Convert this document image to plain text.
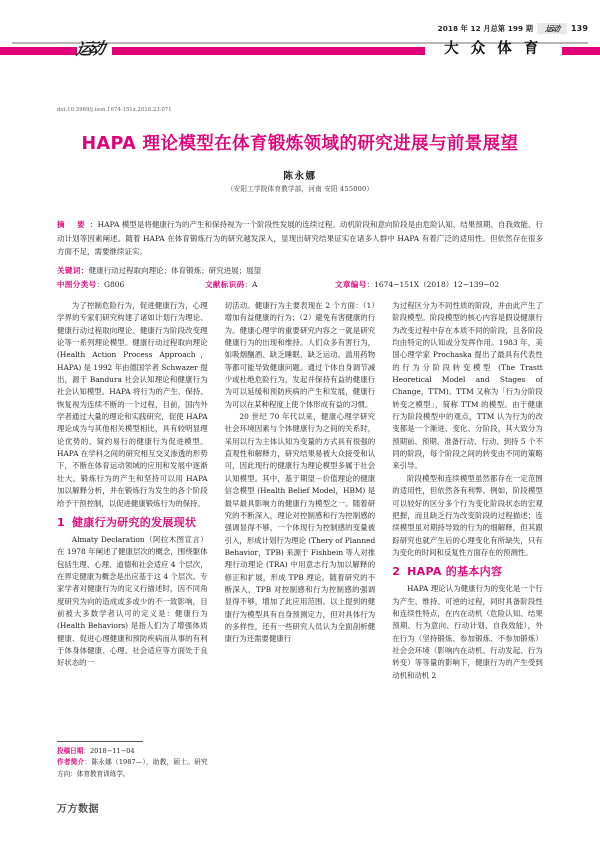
2018 年 12 月总第 199 期 运动	139
运动	大 众 体 育
doi:10.3969/j.issn.1674-151x.2018.23.071
HAPA 理论模型在体育锻炼领域的研究进展与前景展望
陈永娜
（安阳工学院体育教学部，河南 安阳 455000）
摘 要：HAPA 模型是将健康行为的产生和保持视为一个阶段性发展的连续过程。动机阶段和意向阶段是由危险认知、结果预期、自我效能、行动计划等因素阐述。随着 HAPA 在体育锻炼行为的研究越发深入，显现出研究结果证实在诸多人群中 HAPA 有着广泛的适用性。但依然存在很多方面不足，需要继续证实。
关键词：健康行动过程取向理论；体育锻炼；研究进展；展望
中图分类号：G806	文献标识码：A	文章编号：1674−151X（2018）12−139−02

为了控制危险行为，促进健康行为，心理学界的专家们研究构建了诸如计划行为理论、健康行动过程取向理论、健康行为阶段改变理论等一系列理论模型。健康行动过程取向理论 (Health Action Process Approach，HAPA) 是 1992 年由德国学者 Schwazer 提出，源于 Bandura 社会认知理论和健康行为社会认知模型。HAPA 将行为的产生、保持、恢复视为连续不断的一个过程，目前，国内外学者通过大量的理论和实践研究，促使 HAPA 理论成为与其他相关模型相比，具有较明显理论优势的、简约易行的健康行为促进模型。HAPA 在学科之间的研究相互交叉渗透的形势下，不断在体育运动领域的应用和发展中逐渐壮大。锻炼行为的产生和坚持可以用 HAPA 加以解释分析，并在锻炼行为发生的各个阶段给予干预控制，以促进健康锻炼行为的保持。

1 健康行为研究的发展现状

Almaty Declaration（阿拉木图宣言）在 1978 年阐述了健康层次的概念，围绕躯体包括生理、心理、道德和社会适应 4 个层次，在界定健康为概念是出应基于这 4 个层次。专家学者对健康行为的定义行描述时，因不同角度研究为向的造成或多或少的不一致影响，目前被大多数学者认可的定义是：健康行为 (Health Behaviors) 是指人们为了增强体质健康、促进心理健康和预防疾病而从事的有利于体身体健康、心理、社会适应等方面处于良好状态的一

投稿日期：2018−11−04
作者简介：陈永娜（1987—），助教，硕士。研究方向：体育教育训练学。

切活动。健康行为主要表现在 2 个方面：（1）增加有益健康的行为；（2）避免有害健康的行为。健康心理学的重要研究内容之一就是研究健康行为的出现和维持。人们众多有害行为，如吸烟酗酒、缺乏睡眠、缺乏运动、滥用药物等都可能导致健康问题。通过个体自身调节减少或杜绝危险行为，发起并保持有益的健康行为可以延缓和预防疾病的产生和发展，健康行为可以在某种程度上使个体形成有益的习惯。

20 世纪 70 年代以来，健康心理学研究社会环境因素与个体健康行为之间的关系时，采用以行为主体认知为变量的方式具有很强的直观性和解释力，研究结果易被大众接受和认可，因此现行的健康行为理论模型多属于社会认知模型。其中，基于期望－价值理论的健康信念模型 (Health Belief Model，HBM) 是最早最具影响力的健康行为模型之一。随着研究的不断深入，理论对控制感和行为控制感的强调显得不够，一个体现行为控制感的变量被引入，形成计划行为理论 (Thery of Planned Behavior，TPB) 来源于 Fishbein 等人对推理行动理论 (TRA) 中用意志行为加以解释的修正和扩展，形成 TPB 理论。随着研究的不断深入，TPB 对控制感和行为控制感的强调显得不够，增加了此应用范围。以上提到的健康行为模型具有自身预测定力，但对具体行为的多样性，还有一些研究人员认为全面剖析健康行为还需要健康行

为过程区分为不同性质的阶段，并由此产生了阶段模型。阶段模型的核心内容是假设健康行为改变过程中存在本质不同的阶段，且各阶段均由特定的认知或分发挥作用。1983 年，美国心理学家 Prochaska 提出了最具有代表性的行为分阶段转变模型 (The Trastt Heoretical Model and Stages of Change，TTM)。TTM 又称为「行为分阶段转变之模型」，简称 TTM 的模型。由于健康行为阶段模型中的观点，TTM 认为行为的改变都是一个渐进、变化、分阶段，其大致分为预期前、预期、准备行动、行动、到持 5 个不同的阶段，每个阶段之间的转变由不同的策略来引导。

阶段模型和连续模型虽然都存在一定范围的适用性，但依然各有利弊。例如，阶段模型可以较好的区分多个行为变化阶段状态的宏观把握，而且缺乏行为改变阶段的过程描述；连续模型虽对期持导致的行为的细解释，但其跟踪研究也就产生后的心理变化有所缺失，只有为变化的时间和反复性方面存在的预测性。

2 HAPA 的基本内容

HAPA 理论认为健康行为的变化是一个行为产生、维持、可逆的过程，同时具备阶段性和连续性特点，在内在动机（危险认知、结果预期、行为意向、行动计划、自我效能），外在行为（坚持锻炼、参加锻炼、不参加锻炼）社会会环境（影响内在动机、行动发起、行为转变）等等量的影响下，健康行为的产生受到动机和动机 2

万方数据
